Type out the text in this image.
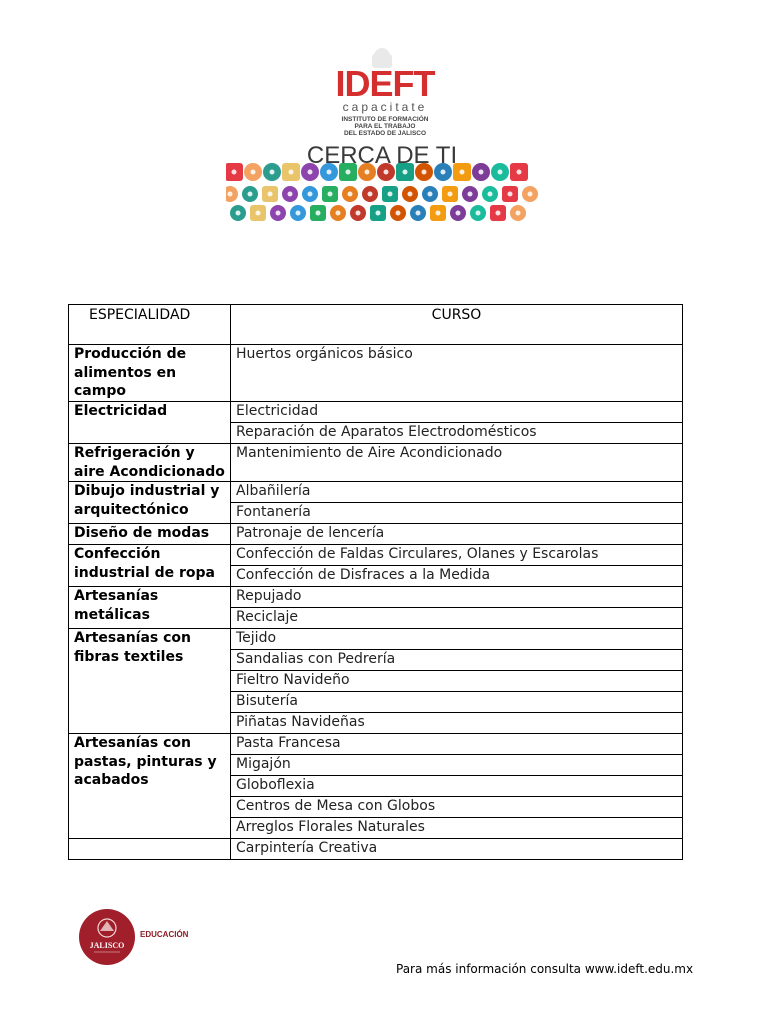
IDEFT
capacitate
INSTITUTO DE FORMACIÓN
PARA EL TRABAJO
DEL ESTADO DE JALISCO
CERCA DE TI
ESPECIALIDAD	CURSO
Producción de alimentos en campo	Huertos orgánicos básico
Electricidad	Electricidad
	Reparación de Aparatos Electrodomésticos
Refrigeración y aire Acondicionado	Mantenimiento de Aire Acondicionado
Dibujo industrial y arquitectónico	Albañilería
	Fontanería
Diseño de modas	Patronaje de lencería
Confección industrial de ropa	Confección de Faldas Circulares, Olanes y Escarolas
	Confección de Disfraces a la Medida
Artesanías metálicas	Repujado
	Reciclaje
Artesanías con fibras textiles	Tejido
	Sandalias con Pedrería
	Fieltro Navideño
	Bisutería
	Piñatas Navideñas
Artesanías con pastas, pinturas y acabados	Pasta Francesa
	Migajón
	Globoflexia
	Centros de Mesa con Globos
	Arreglos Florales Naturales
	Carpintería Creativa
JALISCO
EDUCACIÓN
Para más información consulta www.ideft.edu.mx
